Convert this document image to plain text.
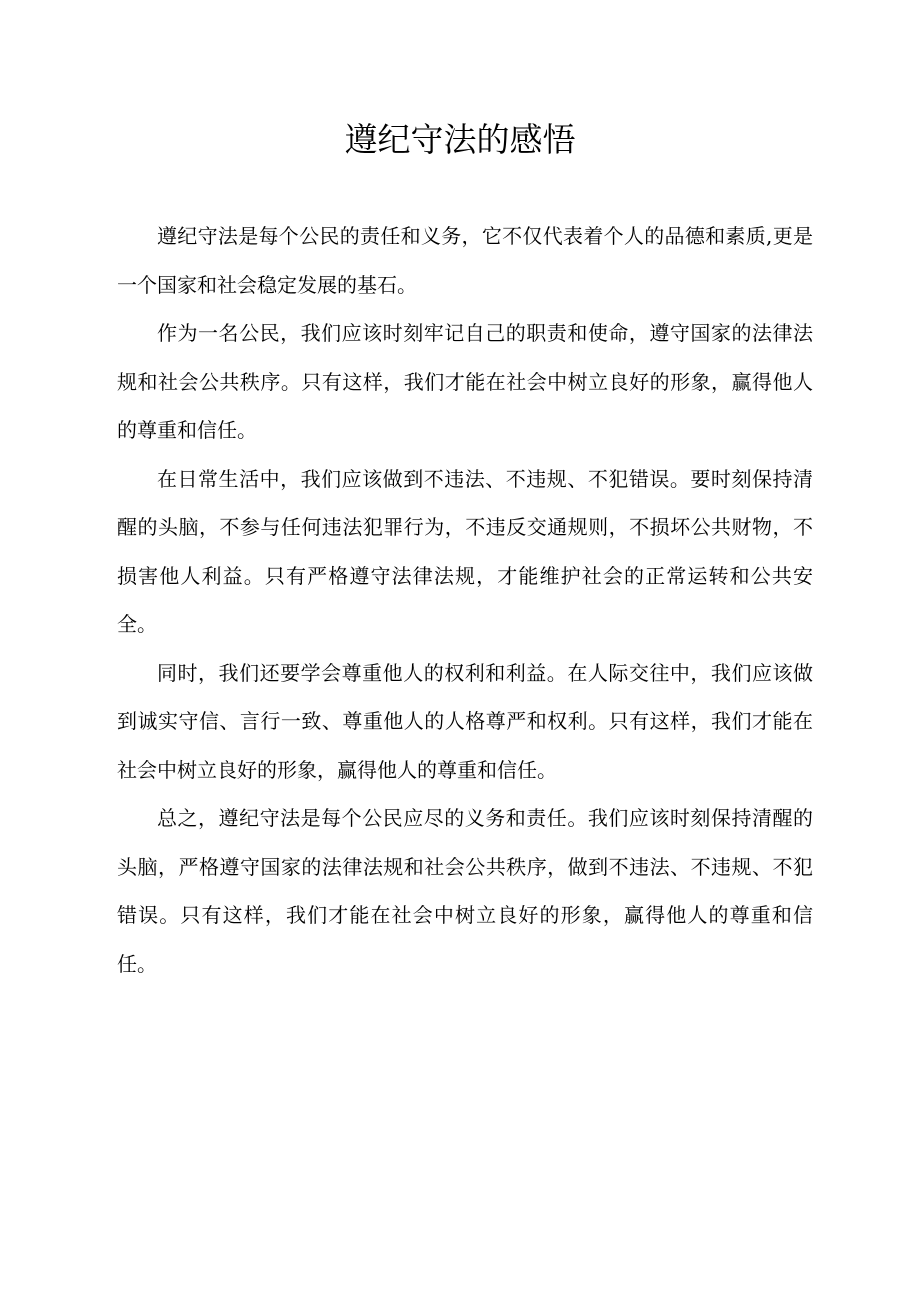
遵纪守法的感悟

遵纪守法是每个公民的责任和义务，它不仅代表着个人的品德和素质,更是一个国家和社会稳定发展的基石。

作为一名公民，我们应该时刻牢记自己的职责和使命，遵守国家的法律法规和社会公共秩序。只有这样，我们才能在社会中树立良好的形象，赢得他人的尊重和信任。

在日常生活中，我们应该做到不违法、不违规、不犯错误。要时刻保持清醒的头脑，不参与任何违法犯罪行为，不违反交通规则，不损坏公共财物，不损害他人利益。只有严格遵守法律法规，才能维护社会的正常运转和公共安全。

同时，我们还要学会尊重他人的权利和利益。在人际交往中，我们应该做到诚实守信、言行一致、尊重他人的人格尊严和权利。只有这样，我们才能在社会中树立良好的形象，赢得他人的尊重和信任。

总之，遵纪守法是每个公民应尽的义务和责任。我们应该时刻保持清醒的头脑，严格遵守国家的法律法规和社会公共秩序，做到不违法、不违规、不犯错误。只有这样，我们才能在社会中树立良好的形象，赢得他人的尊重和信任。
